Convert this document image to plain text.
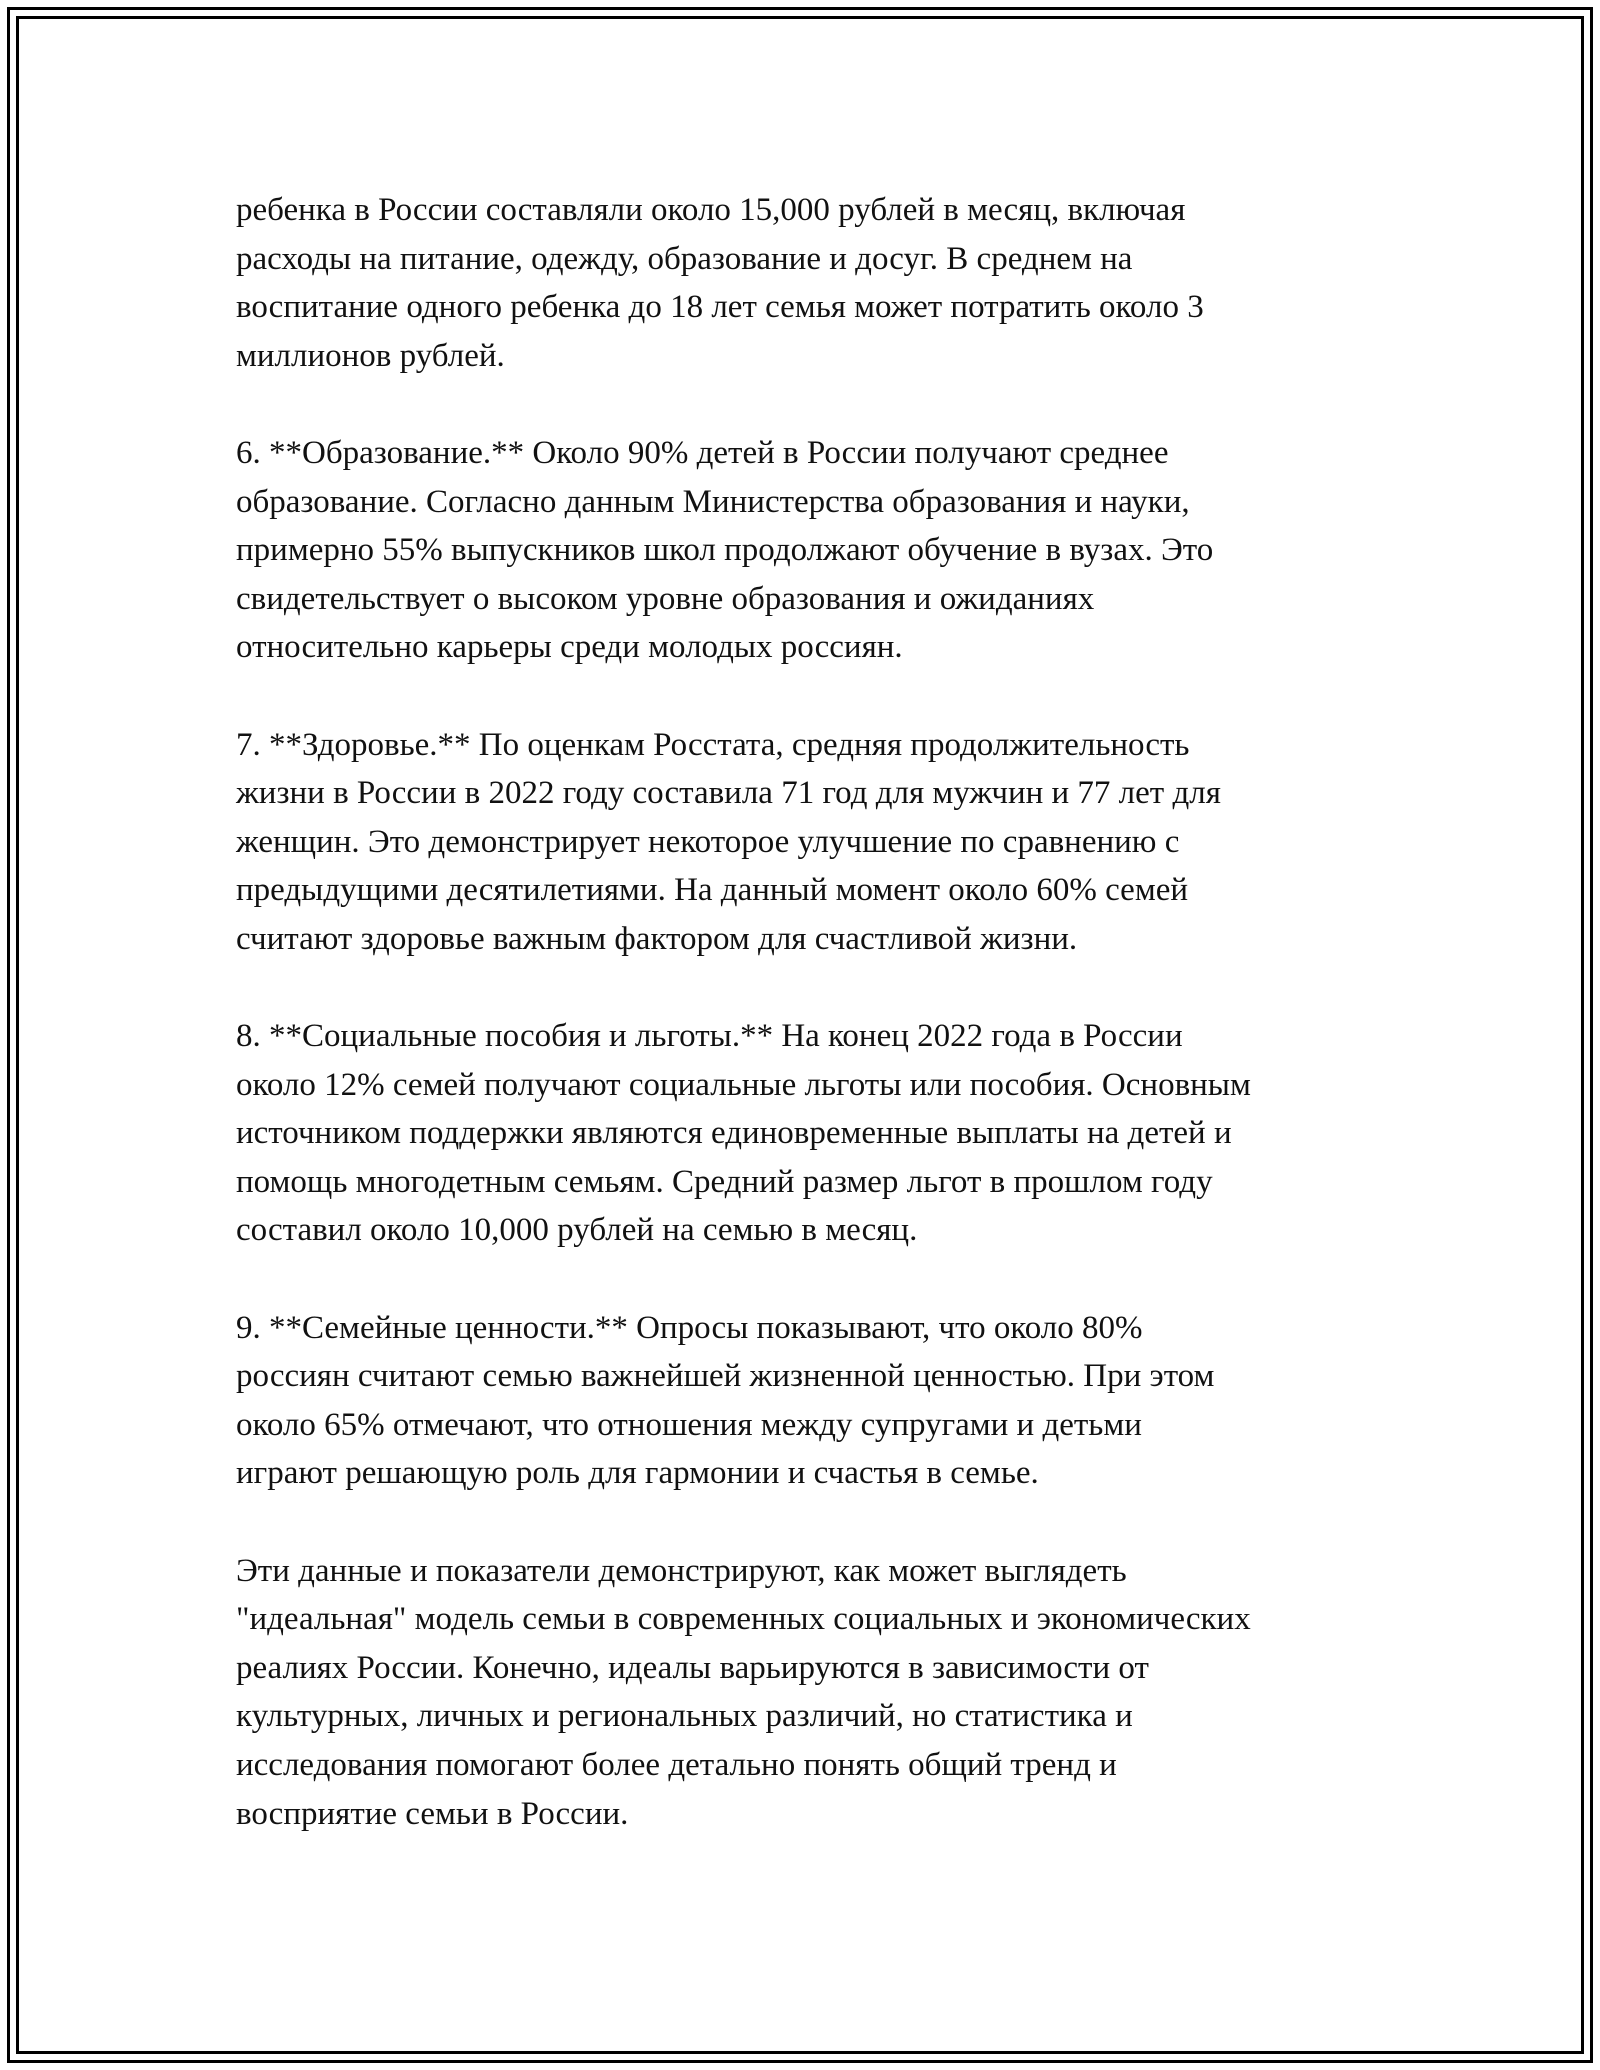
ребенка в России составляли около 15,000 рублей в месяц, включая
расходы на питание, одежду, образование и досуг. В среднем на
воспитание одного ребенка до 18 лет семья может потратить около 3
миллионов рублей.

6. **Образование.** Около 90% детей в России получают среднее
образование. Согласно данным Министерства образования и науки,
примерно 55% выпускников школ продолжают обучение в вузах. Это
свидетельствует о высоком уровне образования и ожиданиях
относительно карьеры среди молодых россиян.

7. **Здоровье.** По оценкам Росстата, средняя продолжительность
жизни в России в 2022 году составила 71 год для мужчин и 77 лет для
женщин. Это демонстрирует некоторое улучшение по сравнению с
предыдущими десятилетиями. На данный момент около 60% семей
считают здоровье важным фактором для счастливой жизни.

8. **Социальные пособия и льготы.** На конец 2022 года в России
около 12% семей получают социальные льготы или пособия. Основным
источником поддержки являются единовременные выплаты на детей и
помощь многодетным семьям. Средний размер льгот в прошлом году
составил около 10,000 рублей на семью в месяц.

9. **Семейные ценности.** Опросы показывают, что около 80%
россиян считают семью важнейшей жизненной ценностью. При этом
около 65% отмечают, что отношения между супругами и детьми
играют решающую роль для гармонии и счастья в семье.

Эти данные и показатели демонстрируют, как может выглядеть
"идеальная" модель семьи в современных социальных и экономических
реалиях России. Конечно, идеалы варьируются в зависимости от
культурных, личных и региональных различий, но статистика и
исследования помогают более детально понять общий тренд и
восприятие семьи в России.
